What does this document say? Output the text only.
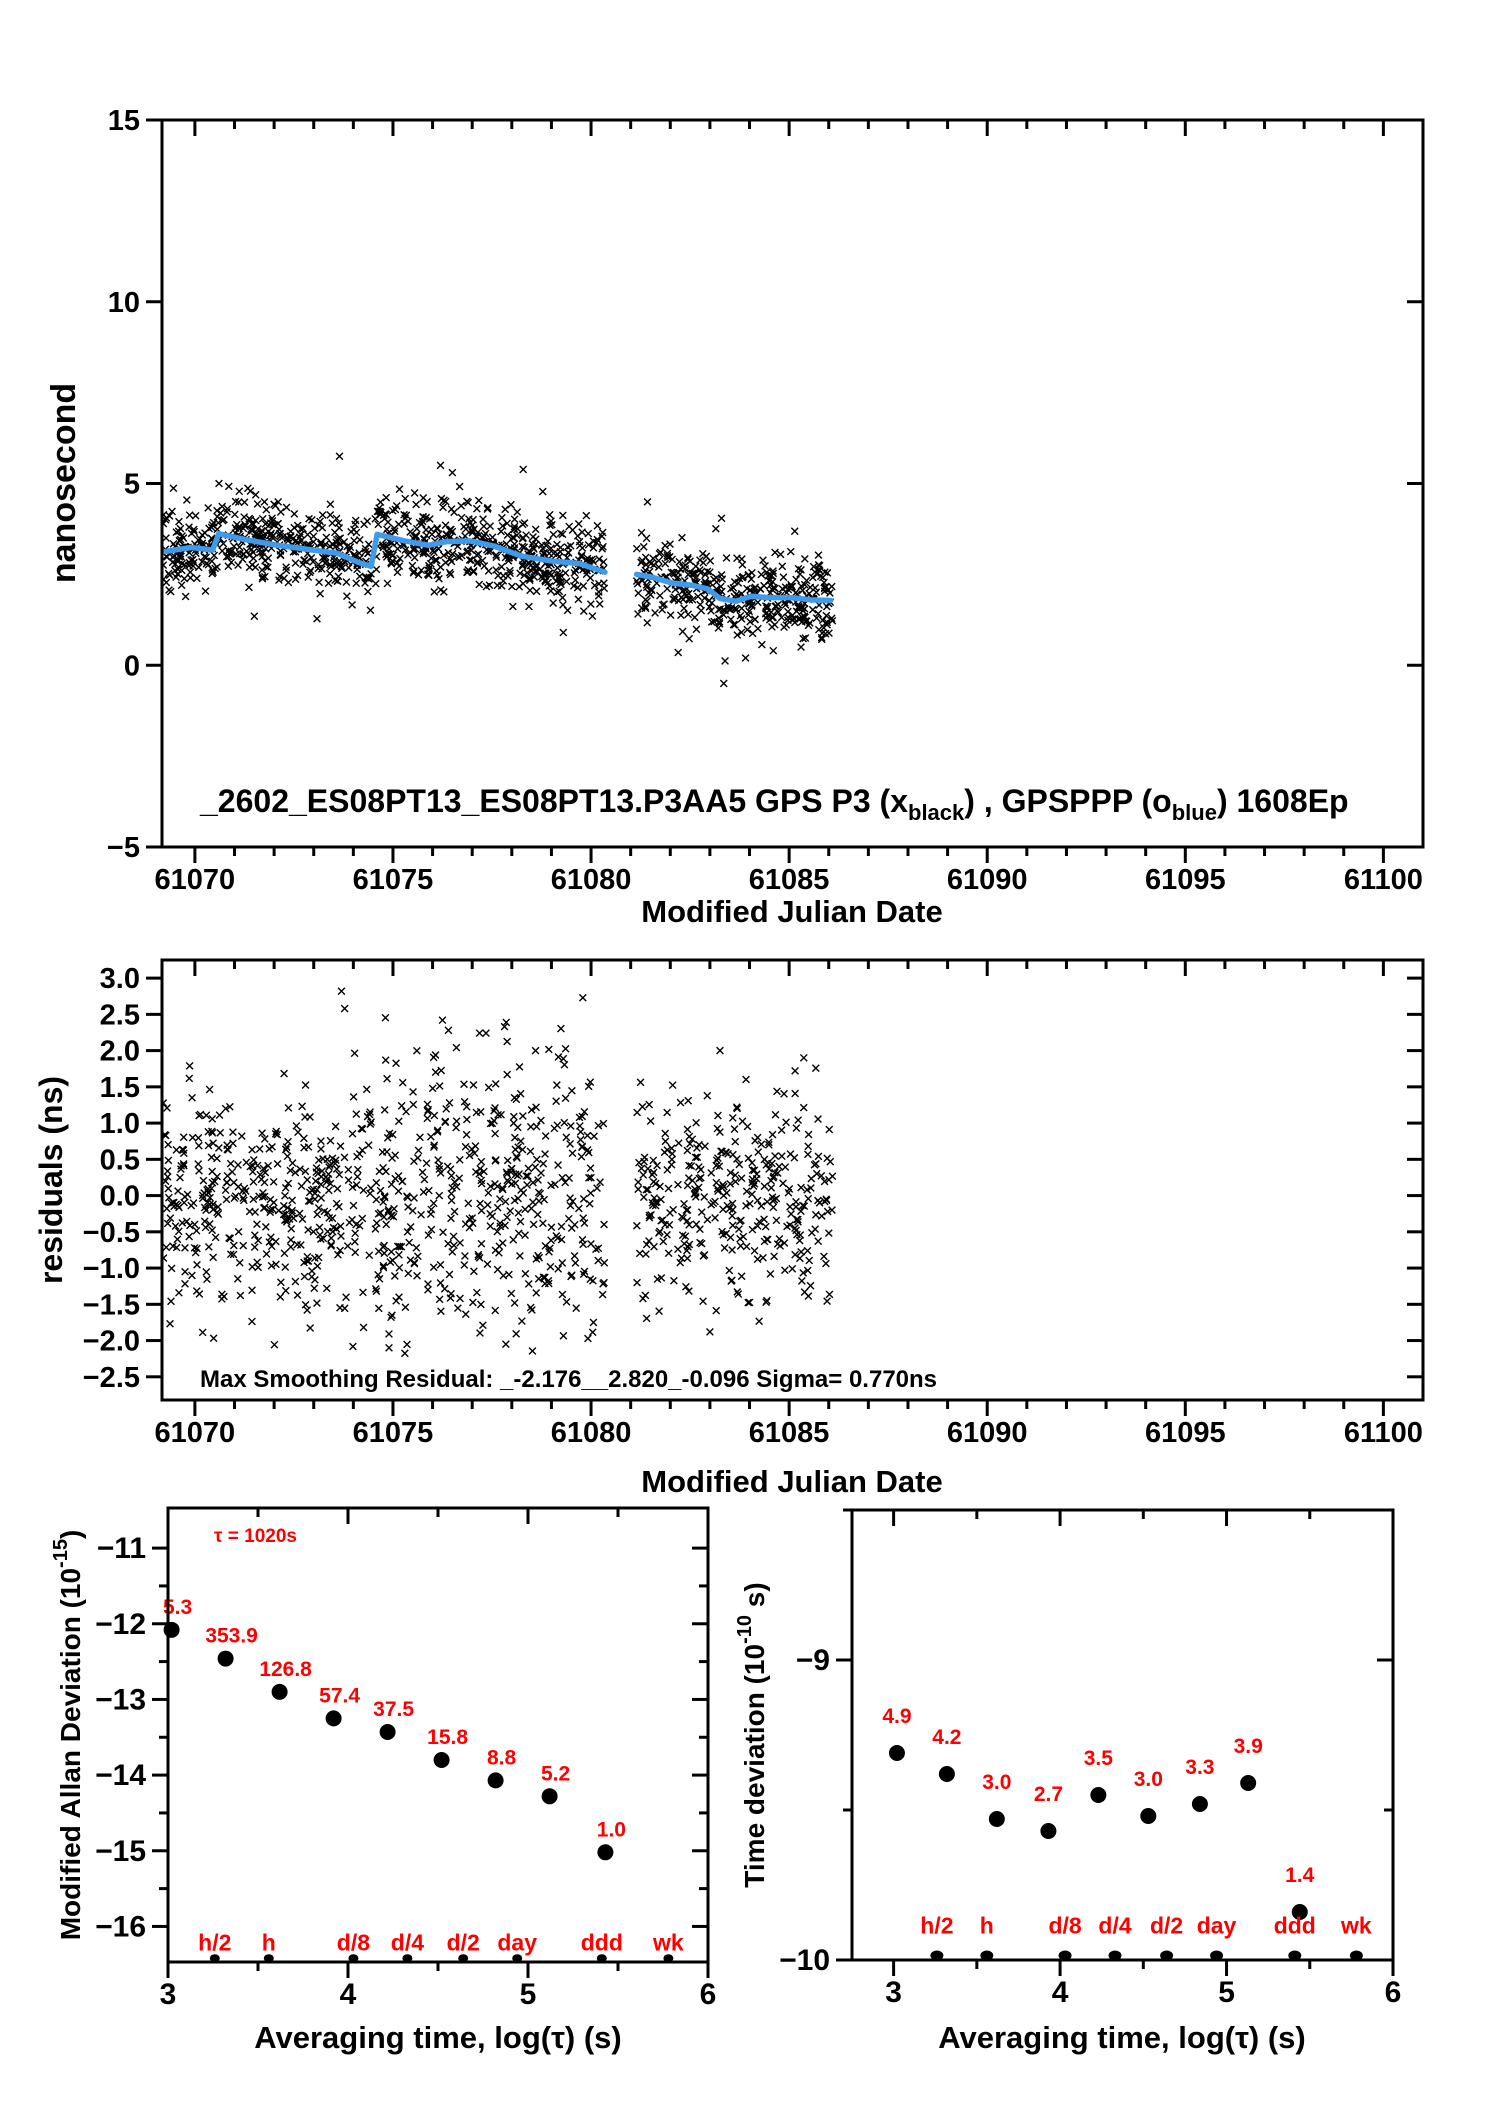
61070	61075	61080	61085	61090	61095	61100
−5
0
5
10
15
61070	61075	61080	61085	61090	61095	61100
3.0
2.5
2.0
1.5
1.0
0.5
0.0
−0.5
−1.0
−1.5
−2.0
−2.5
5.3
353.9
126.8
57.4
37.5
15.8
8.8
5.2
1.0
h/2 h	d/8 d/4 d/2 day ddd wk
3	4	5	6
−11
−12
−13
−14
−15
−16
4.9
4.2
3.0
2.7
3.5
3.0
3.3
3.9
1.4
h/2 h d/8 d/4 d/2 day ddd wk
3	4	5	6
−9
−10
nanosecond
Modified Julian Date
_2602_ES08PT13_ES08PT13.P3AA5 GPS P3 $(x_{black})$ , GPSPPP $(o_{blue})$ 1608Ep
residuals (ns)
Modified Julian Date
Max Smoothing Residual: _-2.176__2.820_-0.096 Sigma= 0.770ns
Modified Allan Deviation $(10^{-15})$
Averaging time, log(τ) (s)
τ = 1020s
Time deviation ($10^{-10}$ s)
Averaging time, log(τ) (s)
